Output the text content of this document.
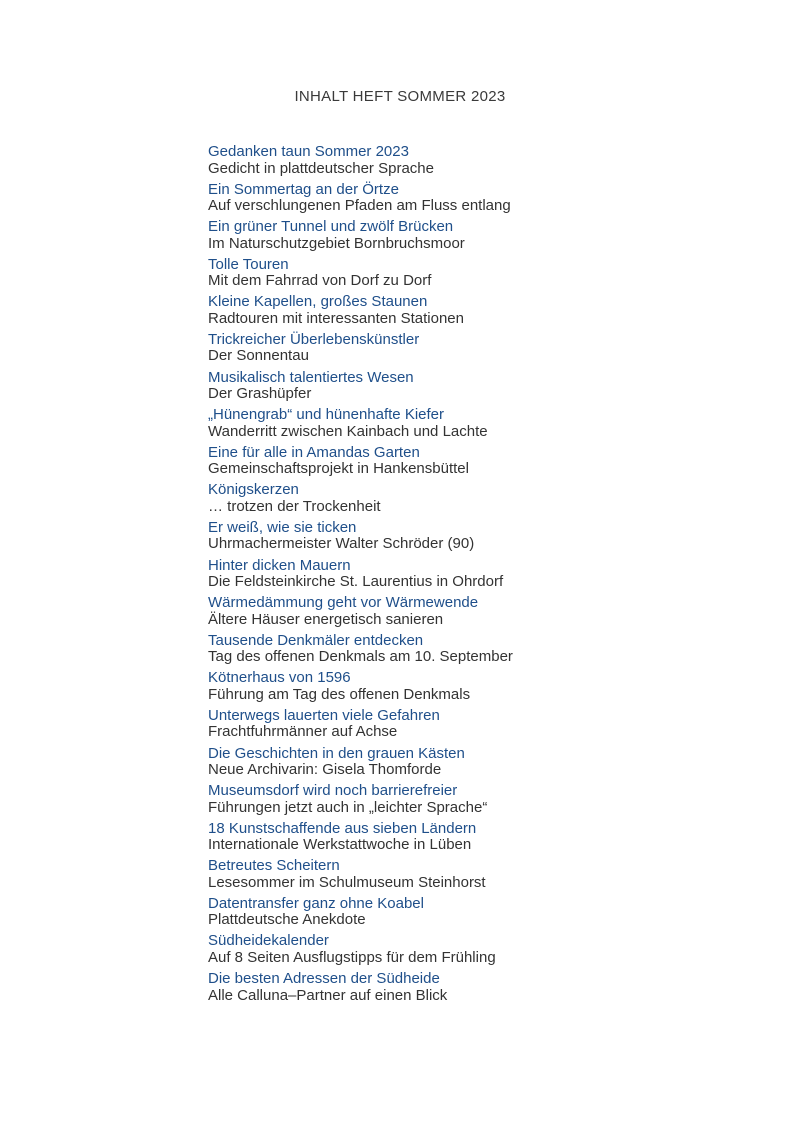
INHALT HEFT SOMMER 2023
Gedanken taun Sommer 2023
Gedicht in plattdeutscher Sprache
Ein Sommertag an der Örtze
Auf verschlungenen Pfaden am Fluss entlang
Ein grüner Tunnel und zwölf Brücken
Im Naturschutzgebiet Bornbruchsmoor
Tolle Touren
Mit dem Fahrrad von Dorf zu Dorf
Kleine Kapellen, großes Staunen
Radtouren mit interessanten Stationen
Trickreicher Überlebenskünstler
Der Sonnentau
Musikalisch talentiertes Wesen
Der Grashüpfer
„Hünengrab“ und hünenhafte Kiefer
Wanderritt zwischen Kainbach und Lachte
Eine für alle in Amandas Garten
Gemeinschaftsprojekt in Hankensbüttel
Königskerzen
… trotzen der Trockenheit
Er weiß, wie sie ticken
Uhrmachermeister Walter Schröder (90)
Hinter dicken Mauern
Die Feldsteinkirche St. Laurentius in Ohrdorf
Wärmedämmung geht vor Wärmewende
Ältere Häuser energetisch sanieren
Tausende Denkmäler entdecken
Tag des offenen Denkmals am 10. September
Kötnerhaus von 1596
Führung am Tag des offenen Denkmals
Unterwegs lauerten viele Gefahren
Frachtfuhrmänner auf Achse
Die Geschichten in den grauen Kästen
Neue Archivarin: Gisela Thomforde
Museumsdorf wird noch barrierefreier
Führungen jetzt auch in „leichter Sprache“
18 Kunstschaffende aus sieben Ländern
Internationale Werkstattwoche in Lüben
Betreutes Scheitern
Lesesommer im Schulmuseum Steinhorst
Datentransfer ganz ohne Koabel
Plattdeutsche Anekdote
Südheidekalender
Auf 8 Seiten Ausflugstipps für dem Frühling
Die besten Adressen der Südheide
Alle Calluna–Partner auf einen Blick
